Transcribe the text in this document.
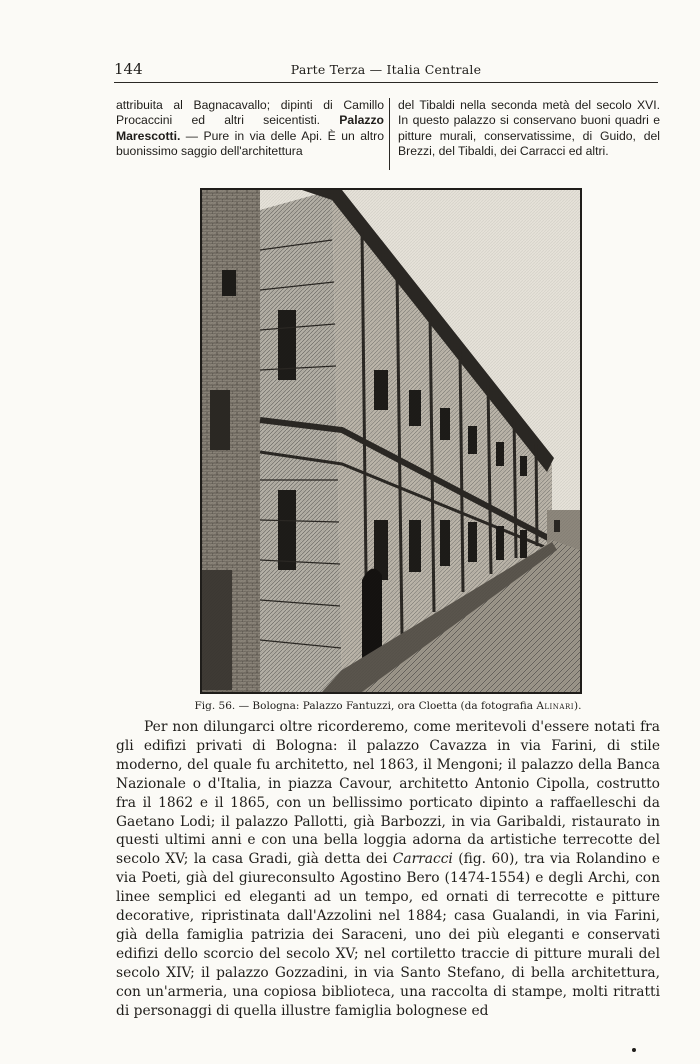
144	Parte Terza — Italia Centrale

attribuita al Bagnacavallo; dipinti di Camillo Procaccini ed altri seicentisti. Palazzo Marescotti. — Pure in via delle Api. È un altro buonissimo saggio dell'architettura

del Tibaldi nella seconda metà del secolo XVI. In questo palazzo si conservano buoni quadri e pitture murali, conservatissime, di Guido, del Brezzi, del Tibaldi, dei Carracci ed altri.

Fig. 56. — Bologna: Palazzo Fantuzzi, ora Cloetta (da fotografia Alinari).

Per non dilungarci oltre ricorderemo, come meritevoli d'essere notati fra gli edifizi privati di Bologna: il palazzo Cavazza in via Farini, di stile moderno, del quale fu architetto, nel 1863, il Mengoni; il palazzo della Banca Nazionale o d'Italia, in piazza Cavour, architetto Antonio Cipolla, costrutto fra il 1862 e il 1865, con un bellissimo porticato dipinto a raffaelleschi da Gaetano Lodi; il palazzo Pallotti, già Barbozzi, in via Garibaldi, ristaurato in questi ultimi anni e con una bella loggia adorna da artistiche terrecotte del secolo XV; la casa Gradi, già detta dei Carracci (fig. 60), tra via Rolandino e via Poeti, già del giureconsulto Agostino Bero (1474-1554) e degli Archi, con linee semplici ed eleganti ad un tempo, ed ornati di terrecotte e pitture decorative, ripristinata dall'Azzolini nel 1884; casa Gualandi, in via Farini, già della famiglia patrizia dei Saraceni, uno dei più eleganti e conservati edifizi dello scorcio del secolo XV; nel cortiletto traccie di pitture murali del secolo XIV; il palazzo Gozzadini, in via Santo Stefano, di bella architettura, con un'armeria, una copiosa biblioteca, una raccolta di stampe, molti ritratti di personaggi di quella illustre famiglia bolognese ed
